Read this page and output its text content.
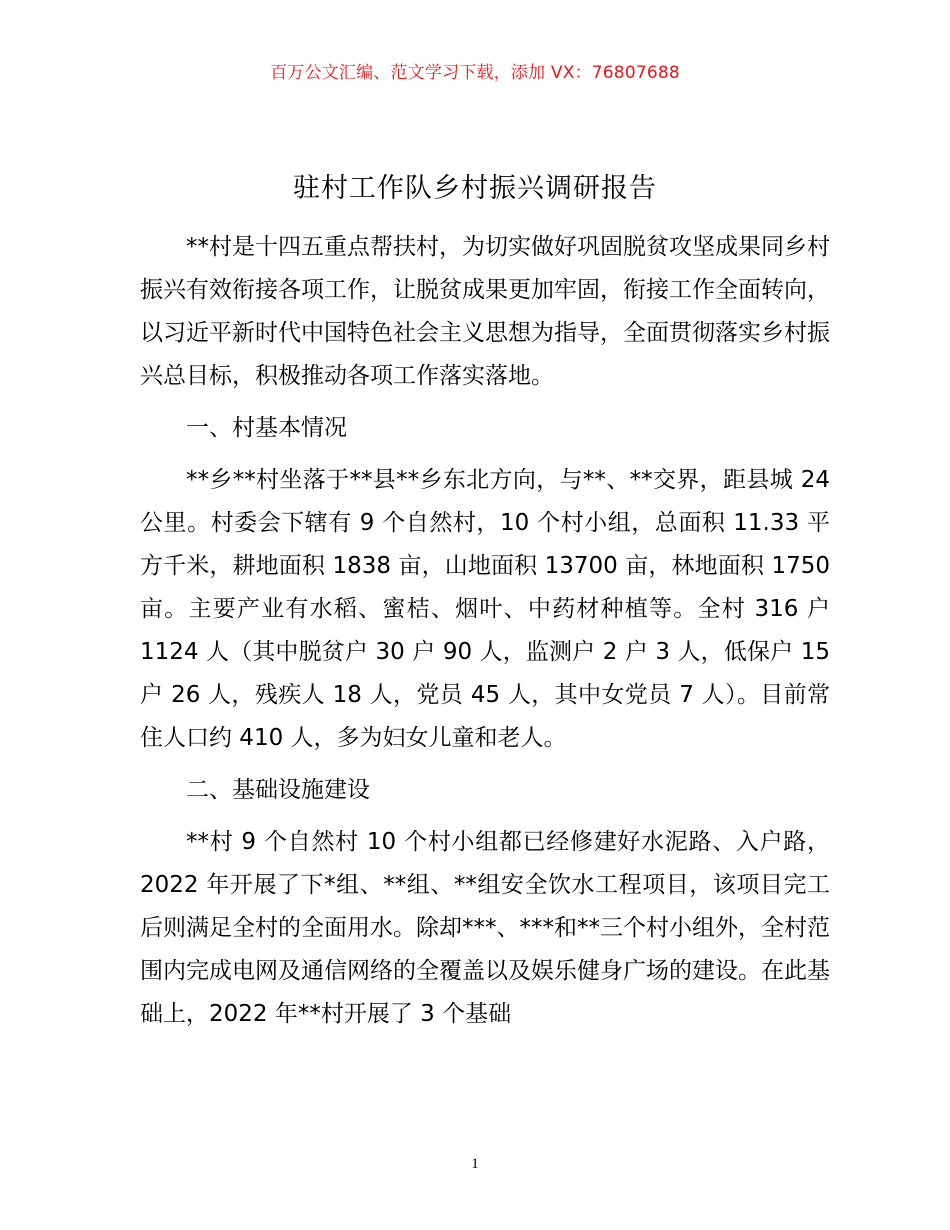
百万公文汇编、范文学习下载，添加 VX：76807688
驻村工作队乡村振兴调研报告

**村是十四五重点帮扶村，为切实做好巩固脱贫攻坚成果同乡村振兴有效衔接各项工作，让脱贫成果更加牢固，衔接工作全面转向，以习近平新时代中国特色社会主义思想为指导，全面贯彻落实乡村振兴总目标，积极推动各项工作落实落地。

一、村基本情况

**乡**村坐落于**县**乡东北方向，与**、**交界，距县城 24 公里。村委会下辖有 9 个自然村，10 个村小组，总面积 11.33 平方千米，耕地面积 1838 亩，山地面积 13700 亩，林地面积 1750 亩。主要产业有水稻、蜜桔、烟叶、中药材种植等。全村 316 户 1124 人（其中脱贫户 30 户 90 人，监测户 2 户 3 人，低保户 15 户 26 人，残疾人 18 人，党员 45 人，其中女党员 7 人）。目前常住人口约 410 人，多为妇女儿童和老人。

二、基础设施建设

**村 9 个自然村 10 个村小组都已经修建好水泥路、入户路，2022 年开展了下*组、**组、**组安全饮水工程项目，该项目完工后则满足全村的全面用水。除却***、***和**三个村小组外，全村范围内完成电网及通信网络的全覆盖以及娱乐健身广场的建设。在此基础上，2022 年**村开展了 3 个基础

1
